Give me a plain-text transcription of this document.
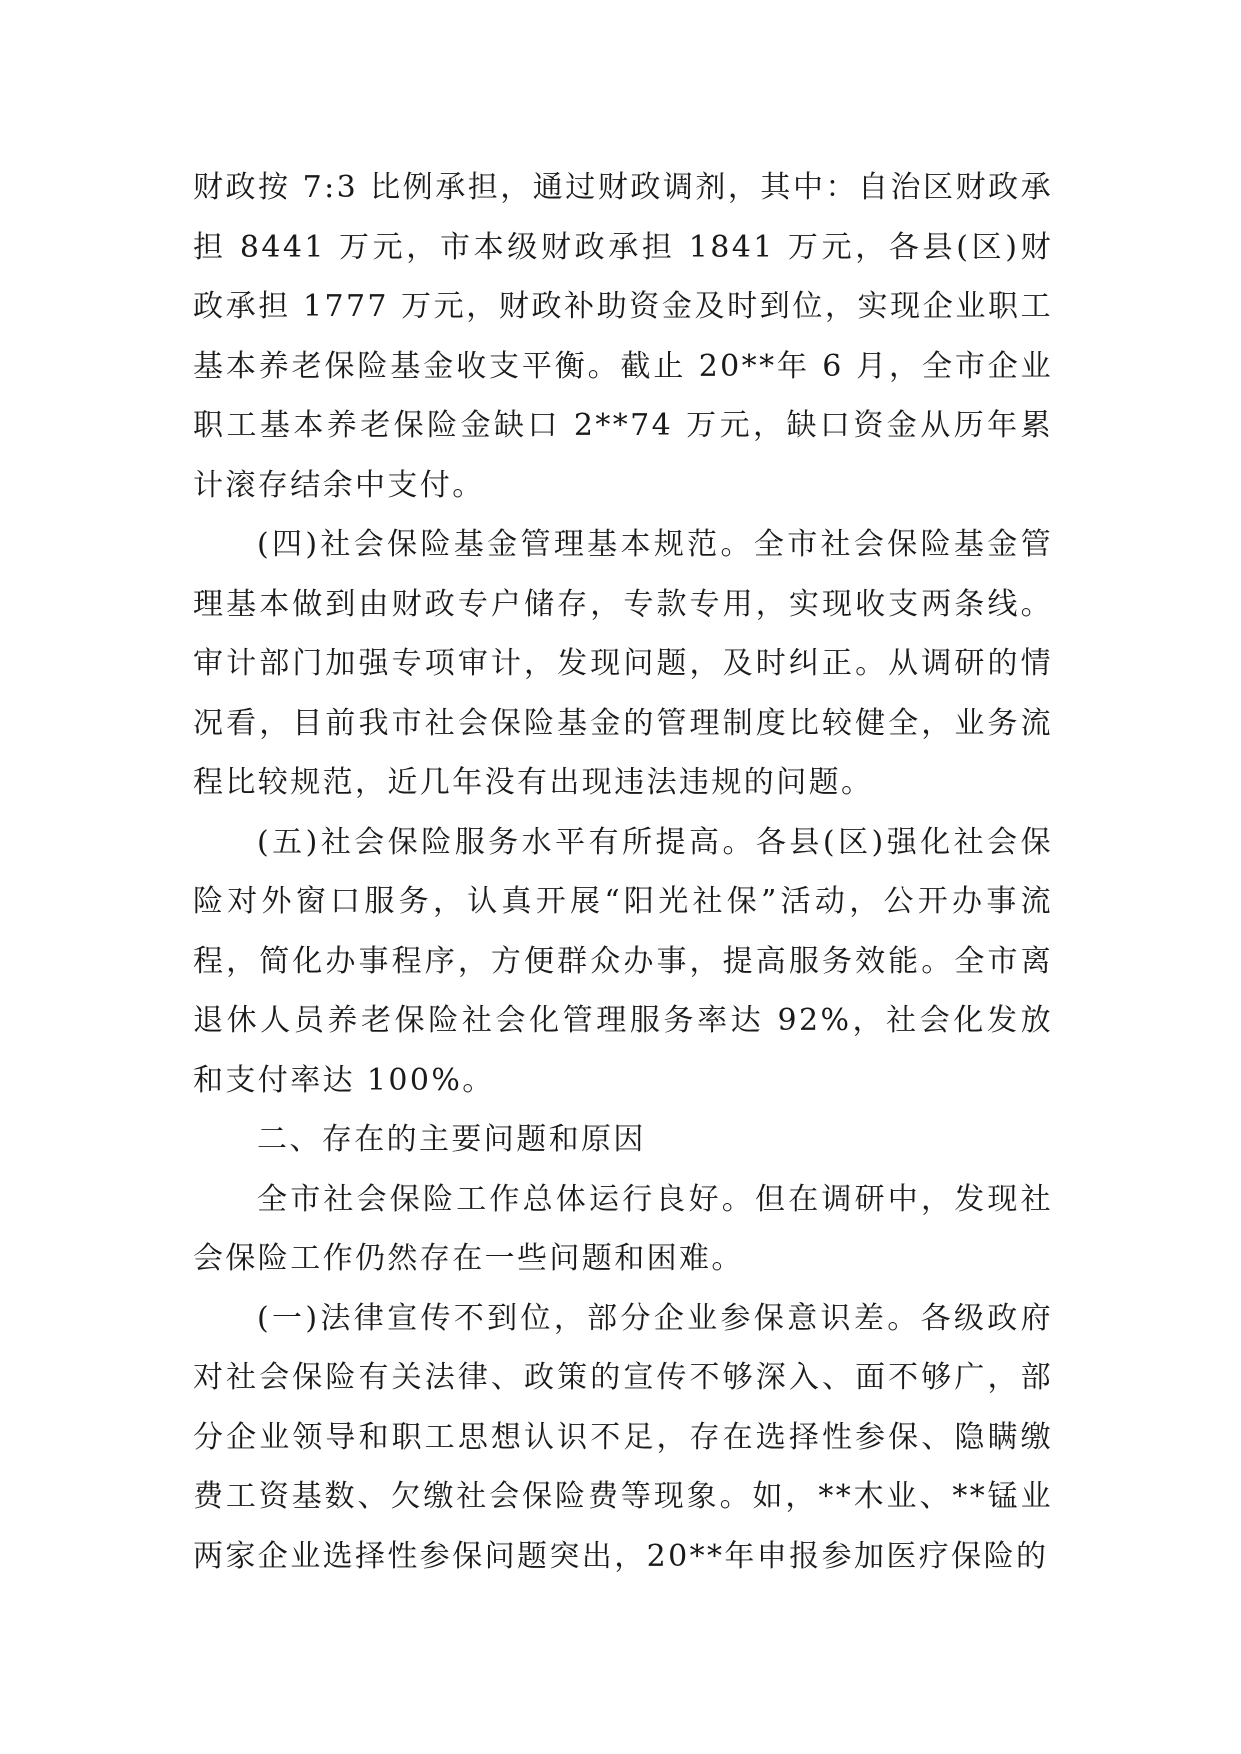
财政按 7:3 比例承担，通过财政调剂，其中：自治区财政承担 8441 万元，市本级财政承担 1841 万元，各县(区)财政承担 1777 万元，财政补助资金及时到位，实现企业职工基本养老保险基金收支平衡。截止 20**年 6 月，全市企业职工基本养老保险金缺口 2**74 万元，缺口资金从历年累计滚存结余中支付。

(四)社会保险基金管理基本规范。全市社会保险基金管理基本做到由财政专户储存，专款专用，实现收支两条线。审计部门加强专项审计，发现问题，及时纠正。从调研的情况看，目前我市社会保险基金的管理制度比较健全，业务流程比较规范，近几年没有出现违法违规的问题。

(五)社会保险服务水平有所提高。各县(区)强化社会保险对外窗口服务，认真开展“阳光社保”活动，公开办事流程，简化办事程序，方便群众办事，提高服务效能。全市离退休人员养老保险社会化管理服务率达 92%，社会化发放和支付率达 100%。

二、存在的主要问题和原因

全市社会保险工作总体运行良好。但在调研中，发现社会保险工作仍然存在一些问题和困难。

(一)法律宣传不到位，部分企业参保意识差。各级政府对社会保险有关法律、政策的宣传不够深入、面不够广，部分企业领导和职工思想认识不足，存在选择性参保、隐瞒缴费工资基数、欠缴社会保险费等现象。如，**木业、**锰业两家企业选择性参保问题突出，20**年申报参加医疗保险的
